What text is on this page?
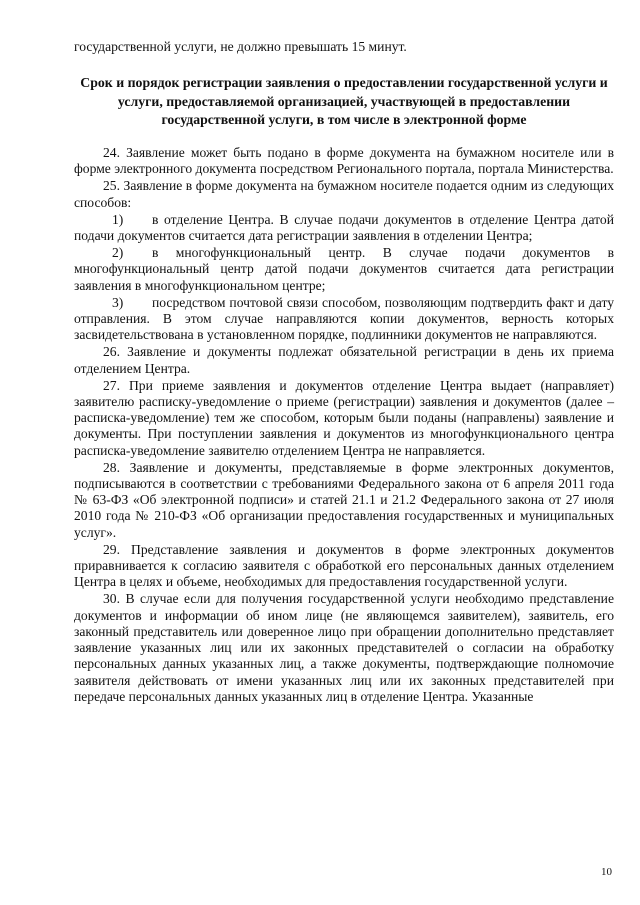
государственной услуги, не должно превышать 15 минут.
Срок и порядок регистрации заявления о предоставлении государственной услуги и услуги, предоставляемой организацией, участвующей в предоставлении государственной услуги, в том числе в электронной форме

24. Заявление может быть подано в форме документа на бумажном носителе или в форме электронного документа посредством Регионального портала, портала Министерства.

25. Заявление в форме документа на бумажном носителе подается одним из следующих способов:

1) в отделение Центра. В случае подачи документов в отделение Центра датой подачи документов считается дата регистрации заявления в отделении Центра;

2) в многофункциональный центр. В случае подачи документов в многофункциональный центр датой подачи документов считается дата регистрации заявления в многофункциональном центре;

3) посредством почтовой связи способом, позволяющим подтвердить факт и дату отправления. В этом случае направляются копии документов, верность которых засвидетельствована в установленном порядке, подлинники документов не направляются.

26. Заявление и документы подлежат обязательной регистрации в день их приема отделением Центра.

27. При приеме заявления и документов отделение Центра выдает (направляет) заявителю расписку-уведомление о приеме (регистрации) заявления и документов (далее – расписка-уведомление) тем же способом, которым были поданы (направлены) заявление и документы. При поступлении заявления и документов из многофункционального центра расписка-уведомление заявителю отделением Центра не направляется.

28. Заявление и документы, представляемые в форме электронных документов, подписываются в соответствии с требованиями Федерального закона от 6 апреля 2011 года № 63-ФЗ «Об электронной подписи» и статей 21.1 и 21.2 Федерального закона от 27 июля 2010 года № 210-ФЗ «Об организации предоставления государственных и муниципальных услуг».

29. Представление заявления и документов в форме электронных документов приравнивается к согласию заявителя с обработкой его персональных данных отделением Центра в целях и объеме, необходимых для предоставления государственной услуги.

30. В случае если для получения государственной услуги необходимо представление документов и информации об ином лице (не являющемся заявителем), заявитель, его законный представитель или доверенное лицо при обращении дополнительно представляет заявление указанных лиц или их законных представителей о согласии на обработку персональных данных указанных лиц, а также документы, подтверждающие полномочие заявителя действовать от имени указанных лиц или их законных представителей при передаче персональных данных указанных лиц в отделение Центра. Указанные

10
